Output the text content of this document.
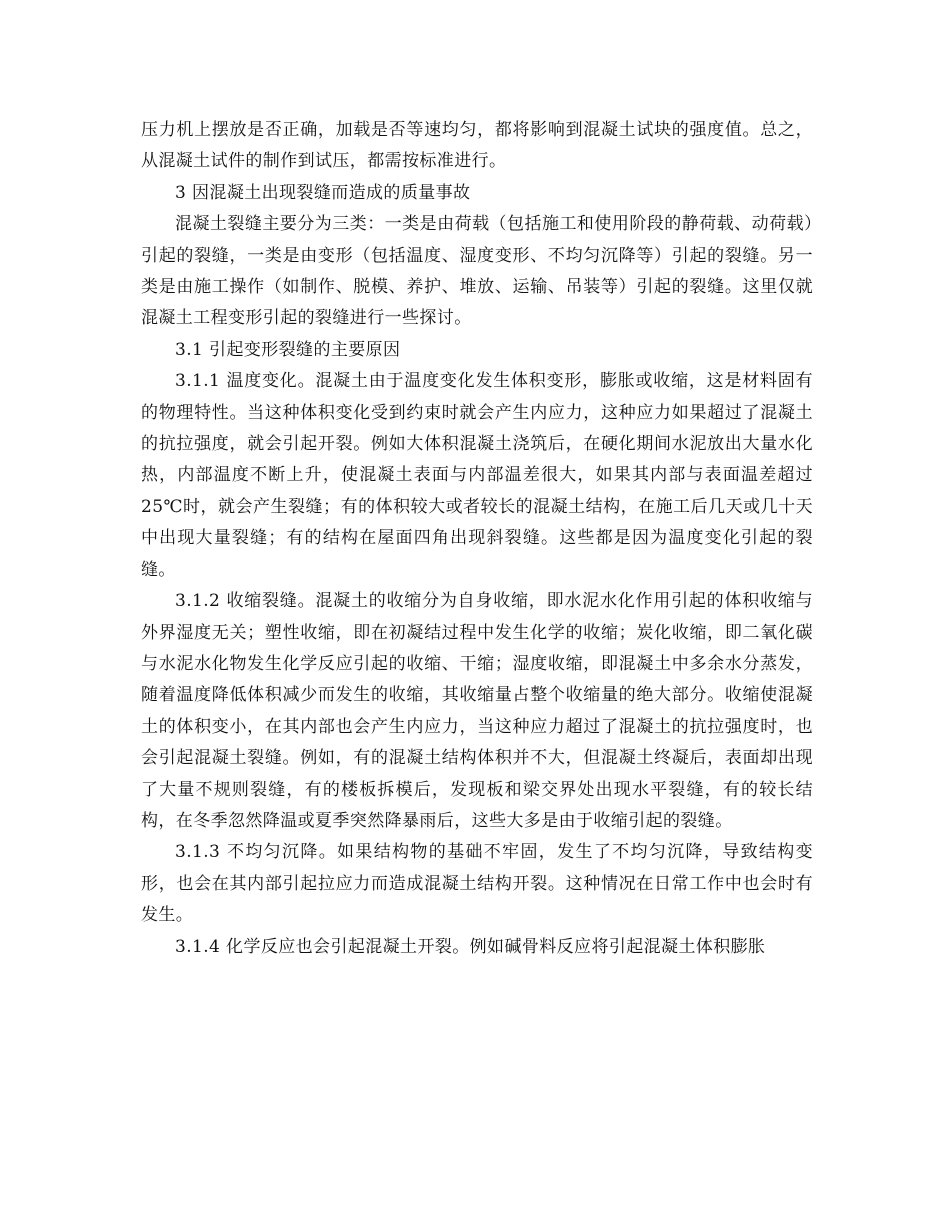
压力机上摆放是否正确，加载是否等速均匀，都将影响到混凝土试块的强度值。总之，从混凝土试件的制作到试压，都需按标准进行。

3 因混凝土出现裂缝而造成的质量事故

混凝土裂缝主要分为三类：一类是由荷载（包括施工和使用阶段的静荷载、动荷载）引起的裂缝，一类是由变形（包括温度、湿度变形、不均匀沉降等）引起的裂缝。另一类是由施工操作（如制作、脱模、养护、堆放、运输、吊装等）引起的裂缝。这里仅就混凝土工程变形引起的裂缝进行一些探讨。

3.1 引起变形裂缝的主要原因

3.1.1 温度变化。混凝土由于温度变化发生体积变形，膨胀或收缩，这是材料固有的物理特性。当这种体积变化受到约束时就会产生内应力，这种应力如果超过了混凝土的抗拉强度，就会引起开裂。例如大体积混凝土浇筑后，在硬化期间水泥放出大量水化热，内部温度不断上升，使混凝土表面与内部温差很大，如果其内部与表面温差超过 25℃时，就会产生裂缝；有的体积较大或者较长的混凝土结构，在施工后几天或几十天中出现大量裂缝；有的结构在屋面四角出现斜裂缝。这些都是因为温度变化引起的裂缝。

3.1.2 收缩裂缝。混凝土的收缩分为自身收缩，即水泥水化作用引起的体积收缩与外界湿度无关；塑性收缩，即在初凝结过程中发生化学的收缩；炭化收缩，即二氧化碳与水泥水化物发生化学反应引起的收缩、干缩；湿度收缩，即混凝土中多余水分蒸发，随着温度降低体积减少而发生的收缩，其收缩量占整个收缩量的绝大部分。收缩使混凝土的体积变小，在其内部也会产生内应力，当这种应力超过了混凝土的抗拉强度时，也会引起混凝土裂缝。例如，有的混凝土结构体积并不大，但混凝土终凝后，表面却出现了大量不规则裂缝，有的楼板拆模后，发现板和梁交界处出现水平裂缝，有的较长结构，在冬季忽然降温或夏季突然降暴雨后，这些大多是由于收缩引起的裂缝。

3.1.3 不均匀沉降。如果结构物的基础不牢固，发生了不均匀沉降，导致结构变形，也会在其内部引起拉应力而造成混凝土结构开裂。这种情况在日常工作中也会时有发生。

3.1.4 化学反应也会引起混凝土开裂。例如碱骨料反应将引起混凝土体积膨胀
